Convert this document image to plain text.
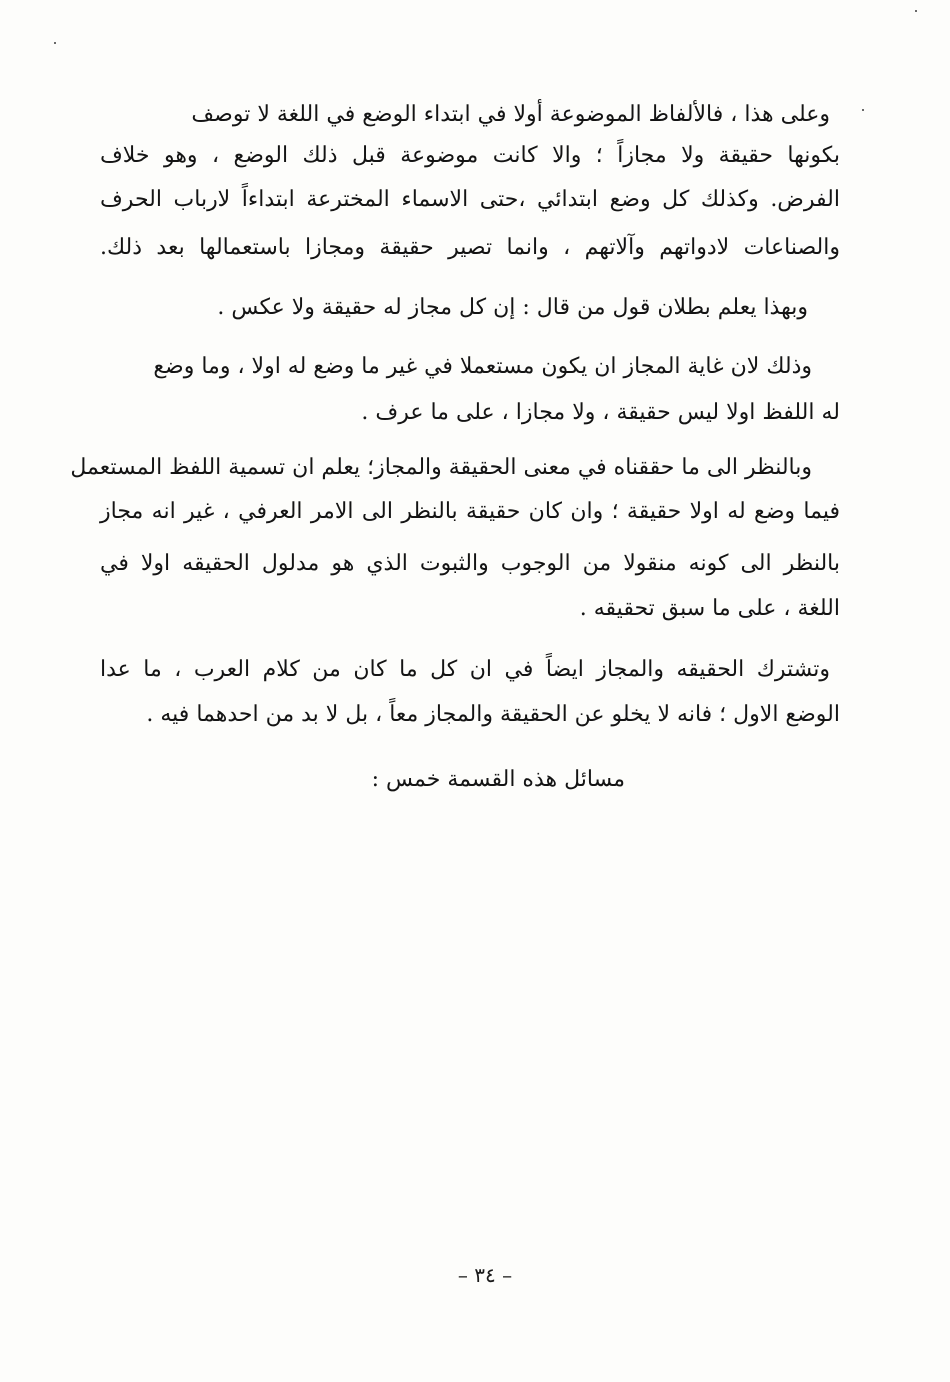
وعلى هذا ، فالألفاظ الموضوعة أولا في ابتداء الوضع في اللغة لا توصف
بكونها حقيقة ولا مجازاً ؛ والا كانت موضوعة قبل ذلك الوضع ، وهو خلاف
الفرض. وكذلك كل وضع ابتدائي ،حتى الاسماء المخترعة ابتداءاً لارباب الحرف
والصناعات لادواتهم وآلاتهم ، وانما تصير حقيقة ومجازا باستعمالها بعد ذلك.
وبهذا يعلم بطلان قول من قال : إن كل مجاز له حقيقة ولا عكس .
وذلك لان غاية المجاز ان يكون مستعملا في غير ما وضع له اولا ، وما وضع
له اللفظ اولا ليس حقيقة ، ولا مجازا ، على ما عرف .
وبالنظر الى ما حققناه في معنى الحقيقة والمجاز؛ يعلم ان تسمية اللفظ المستعمل
فيما وضع له اولا حقيقة ؛ وان كان حقيقة بالنظر الى الامر العرفي ، غير انه مجاز
بالنظر الى كونه منقولا من الوجوب والثبوت الذي هو مدلول الحقيقه اولا في
اللغة ، على ما سبق تحقيقه .
وتشترك الحقيقه والمجاز ايضاً في ان كل ما كان من كلام العرب ، ما عدا
الوضع الاول ؛ فانه لا يخلو عن الحقيقة والمجاز معاً ، بل لا بد من احدهما فيه .
مسائل هذه القسمة خمس :
– ٣٤ –
